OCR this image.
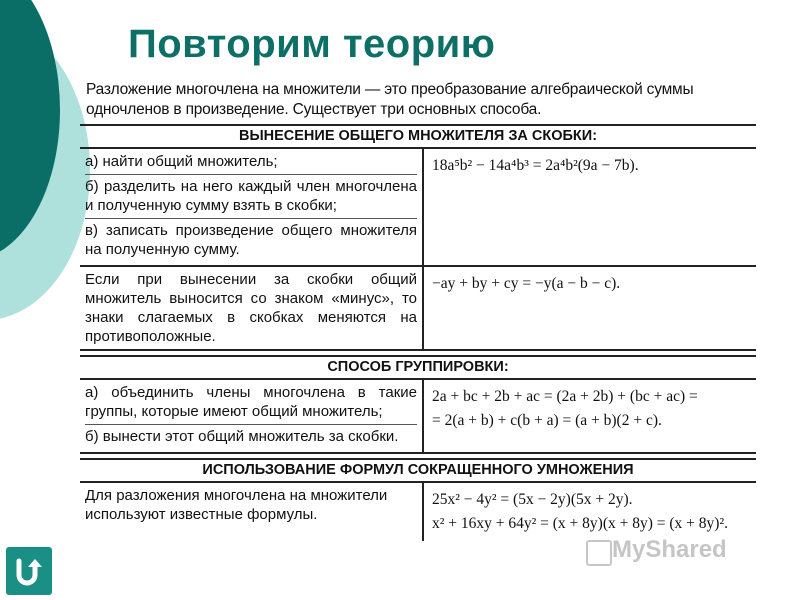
Повторим теорию
Разложение многочлена на множители — это преобразование алгебраической суммы одночленов в произведение. Существует три основных способа.
ВЫНЕСЕНИЕ ОБЩЕГО МНОЖИТЕЛЯ ЗА СКОБКИ:

а) найти общий множитель;

б) разделить на него каждый член многочлена и полученную сумму взять в скобки;

в) записать произведение общего множителя на полученную сумму.

18a⁵b² − 14a⁴b³ = 2a⁴b²(9a − 7b).
Если при вынесении за скобки общий множитель выносится со знаком «минус», то знаки слагаемых в скобках меняются на противоположные.
−ay + by + cy = −y(a − b − c).
СПОСОБ ГРУППИРОВКИ:

а) объединить члены многочлена в такие группы, которые имеют общий множитель;

б) вынести этот общий множитель за скобки.

2a + bc + 2b + ac = (2a + 2b) + (bc + ac) =
= 2(a + b) + c(b + a) = (a + b)(2 + c).
ИСПОЛЬЗОВАНИЕ ФОРМУЛ СОКРАЩЕННОГО УМНОЖЕНИЯ
Для разложения многочлена на множители используют известные формулы.
25x² − 4y² = (5x − 2y)(5x + 2y).
x² + 16xy + 64y² = (x + 8y)(x + 8y) = (x + 8y)².
MyShared
